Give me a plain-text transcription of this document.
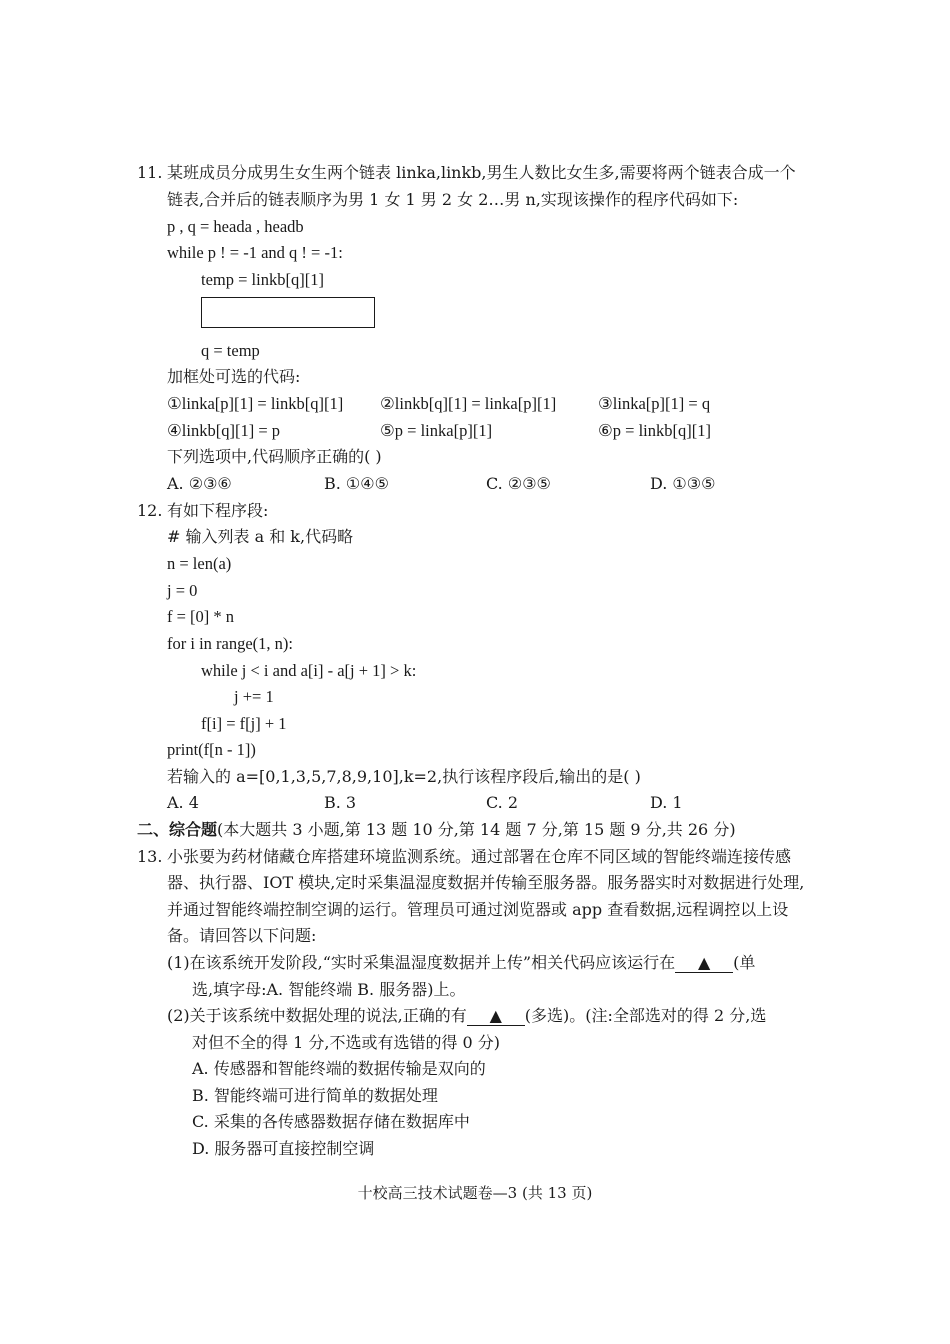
11. 某班成员分成男生女生两个链表 linka,linkb,男生人数比女生多,需要将两个链表合成一个
链表,合并后的链表顺序为男 1 女 1 男 2 女 2…男 n,实现该操作的程序代码如下:
p , q = heada , headb
while p ! = -1 and q ! = -1:
temp = linkb[q][1]
q = temp
加框处可选的代码:
①linka[p][1] = linkb[q][1] ②linkb[q][1] = linka[p][1]	③linka[p][1] = q
④linkb[q][1] = p	⑤p = linka[p][1]	⑥p = linkb[q][1]
下列选项中,代码顺序正确的( )
A. ②③⑥	B. ①④⑤	C. ②③⑤	D. ①③⑤
12. 有如下程序段:
# 输入列表 a 和 k,代码略
n = len(a)
j = 0
f = [0] * n
for i in range(1, n):
while j < i and a[i] - a[j + 1] > k:
j += 1
f[i] = f[j] + 1
print(f[n - 1])
若输入的 a=[0,1,3,5,7,8,9,10],k=2,执行该程序段后,输出的是( )
A. 4	B. 3	C. 2	D. 1
二、综合题(本大题共 3 小题,第 13 题 10 分,第 14 题 7 分,第 15 题 9 分,共 26 分)
13. 小张要为药材储藏仓库搭建环境监测系统。通过部署在仓库不同区域的智能终端连接传感
器、执行器、IOT 模块,定时采集温湿度数据并传输至服务器。服务器实时对数据进行处理,
并通过智能终端控制空调的运行。管理员可通过浏览器或 app 查看数据,远程调控以上设
备。请回答以下问题:
(1)在该系统开发阶段,“实时采集温湿度数据并上传”相关代码应该运行在 ▲ (单
选,填字母:A. 智能终端 B. 服务器)上。
(2)关于该系统中数据处理的说法,正确的有 ▲ (多选)。(注:全部选对的得 2 分,选
对但不全的得 1 分,不选或有选错的得 0 分)
A. 传感器和智能终端的数据传输是双向的
B. 智能终端可进行简单的数据处理
C. 采集的各传感器数据存储在数据库中
D. 服务器可直接控制空调
十校高三技术试题卷—3 (共 13 页)
